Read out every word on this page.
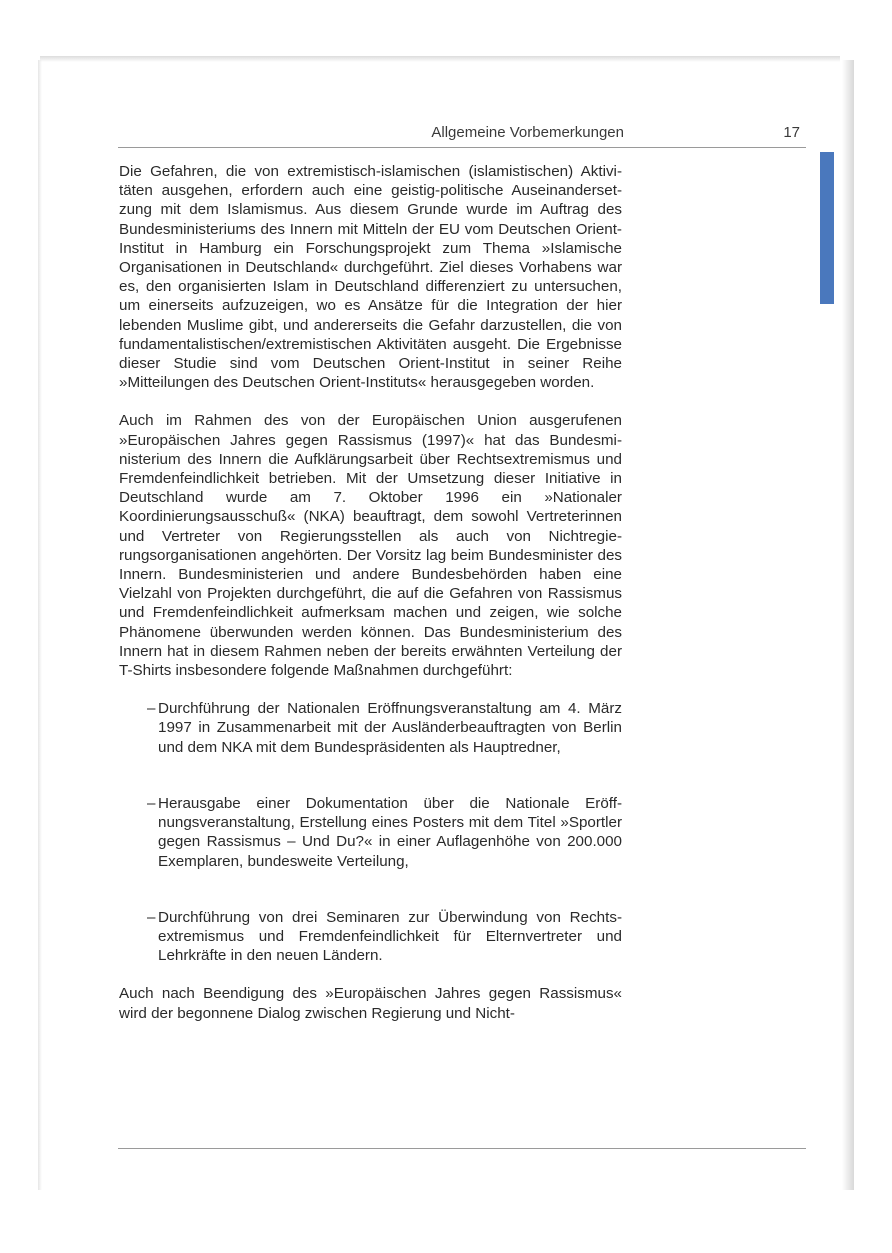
Allgemeine Vorbemerkungen	17

Die Gefahren, die von extremistisch-islamischen (islamistischen) Aktivitäten ausgehen, erfordern auch eine geistig-politische Auseinandersetzung mit dem Islamismus. Aus diesem Grunde wurde im Auftrag des Bundesministeriums des Innern mit Mitteln der EU vom Deutschen Orient-Institut in Hamburg ein Forschungsprojekt zum Thema »Islamische Organisationen in Deutschland« durchgeführt. Ziel dieses Vorhabens war es, den organisierten Islam in Deutschland differenziert zu untersuchen, um einerseits aufzuzeigen, wo es Ansätze für die Integration der hier lebenden Muslime gibt, und andererseits die Gefahr darzustellen, die von fundamentalistischen/extremistischen Aktivitäten ausgeht. Die Ergebnisse dieser Studie sind vom Deutschen Orient-Institut in seiner Reihe »Mitteilungen des Deutschen Orient-Instituts« herausgegeben worden.

Auch im Rahmen des von der Europäischen Union ausgerufenen »Europäischen Jahres gegen Rassismus (1997)« hat das Bundesministerium des Innern die Aufklärungsarbeit über Rechtsextremismus und Fremdenfeindlichkeit betrieben. Mit der Umsetzung dieser Initiative in Deutschland wurde am 7. Oktober 1996 ein »Nationaler Koordinierungsausschuß« (NKA) beauftragt, dem sowohl Vertreterinnen und Vertreter von Regierungsstellen als auch von Nichtregierungsorganisationen angehörten. Der Vorsitz lag beim Bundesminister des Innern. Bundesministerien und andere Bundesbehörden haben eine Vielzahl von Projekten durchgeführt, die auf die Gefahren von Rassismus und Fremdenfeindlichkeit aufmerksam machen und zeigen, wie solche Phänomene überwunden werden können. Das Bundesministerium des Innern hat in diesem Rahmen neben der bereits erwähnten Verteilung der T-Shirts insbesondere folgende Maßnahmen durchgeführt:

– Durchführung der Nationalen Eröffnungsveranstaltung am 4. März 1997 in Zusammenarbeit mit der Ausländerbeauftragten von Berlin und dem NKA mit dem Bundespräsidenten als Hauptredner,
– Herausgabe einer Dokumentation über die Nationale Eröffnungsveranstaltung, Erstellung eines Posters mit dem Titel »Sportler gegen Rassismus – Und Du?« in einer Auflagenhöhe von 200.000 Exemplaren, bundesweite Verteilung,
– Durchführung von drei Seminaren zur Überwindung von Rechtsextremismus und Fremdenfeindlichkeit für Elternvertreter und Lehrkräfte in den neuen Ländern.

Auch nach Beendigung des »Europäischen Jahres gegen Rassismus« wird der begonnene Dialog zwischen Regierung und Nicht-
